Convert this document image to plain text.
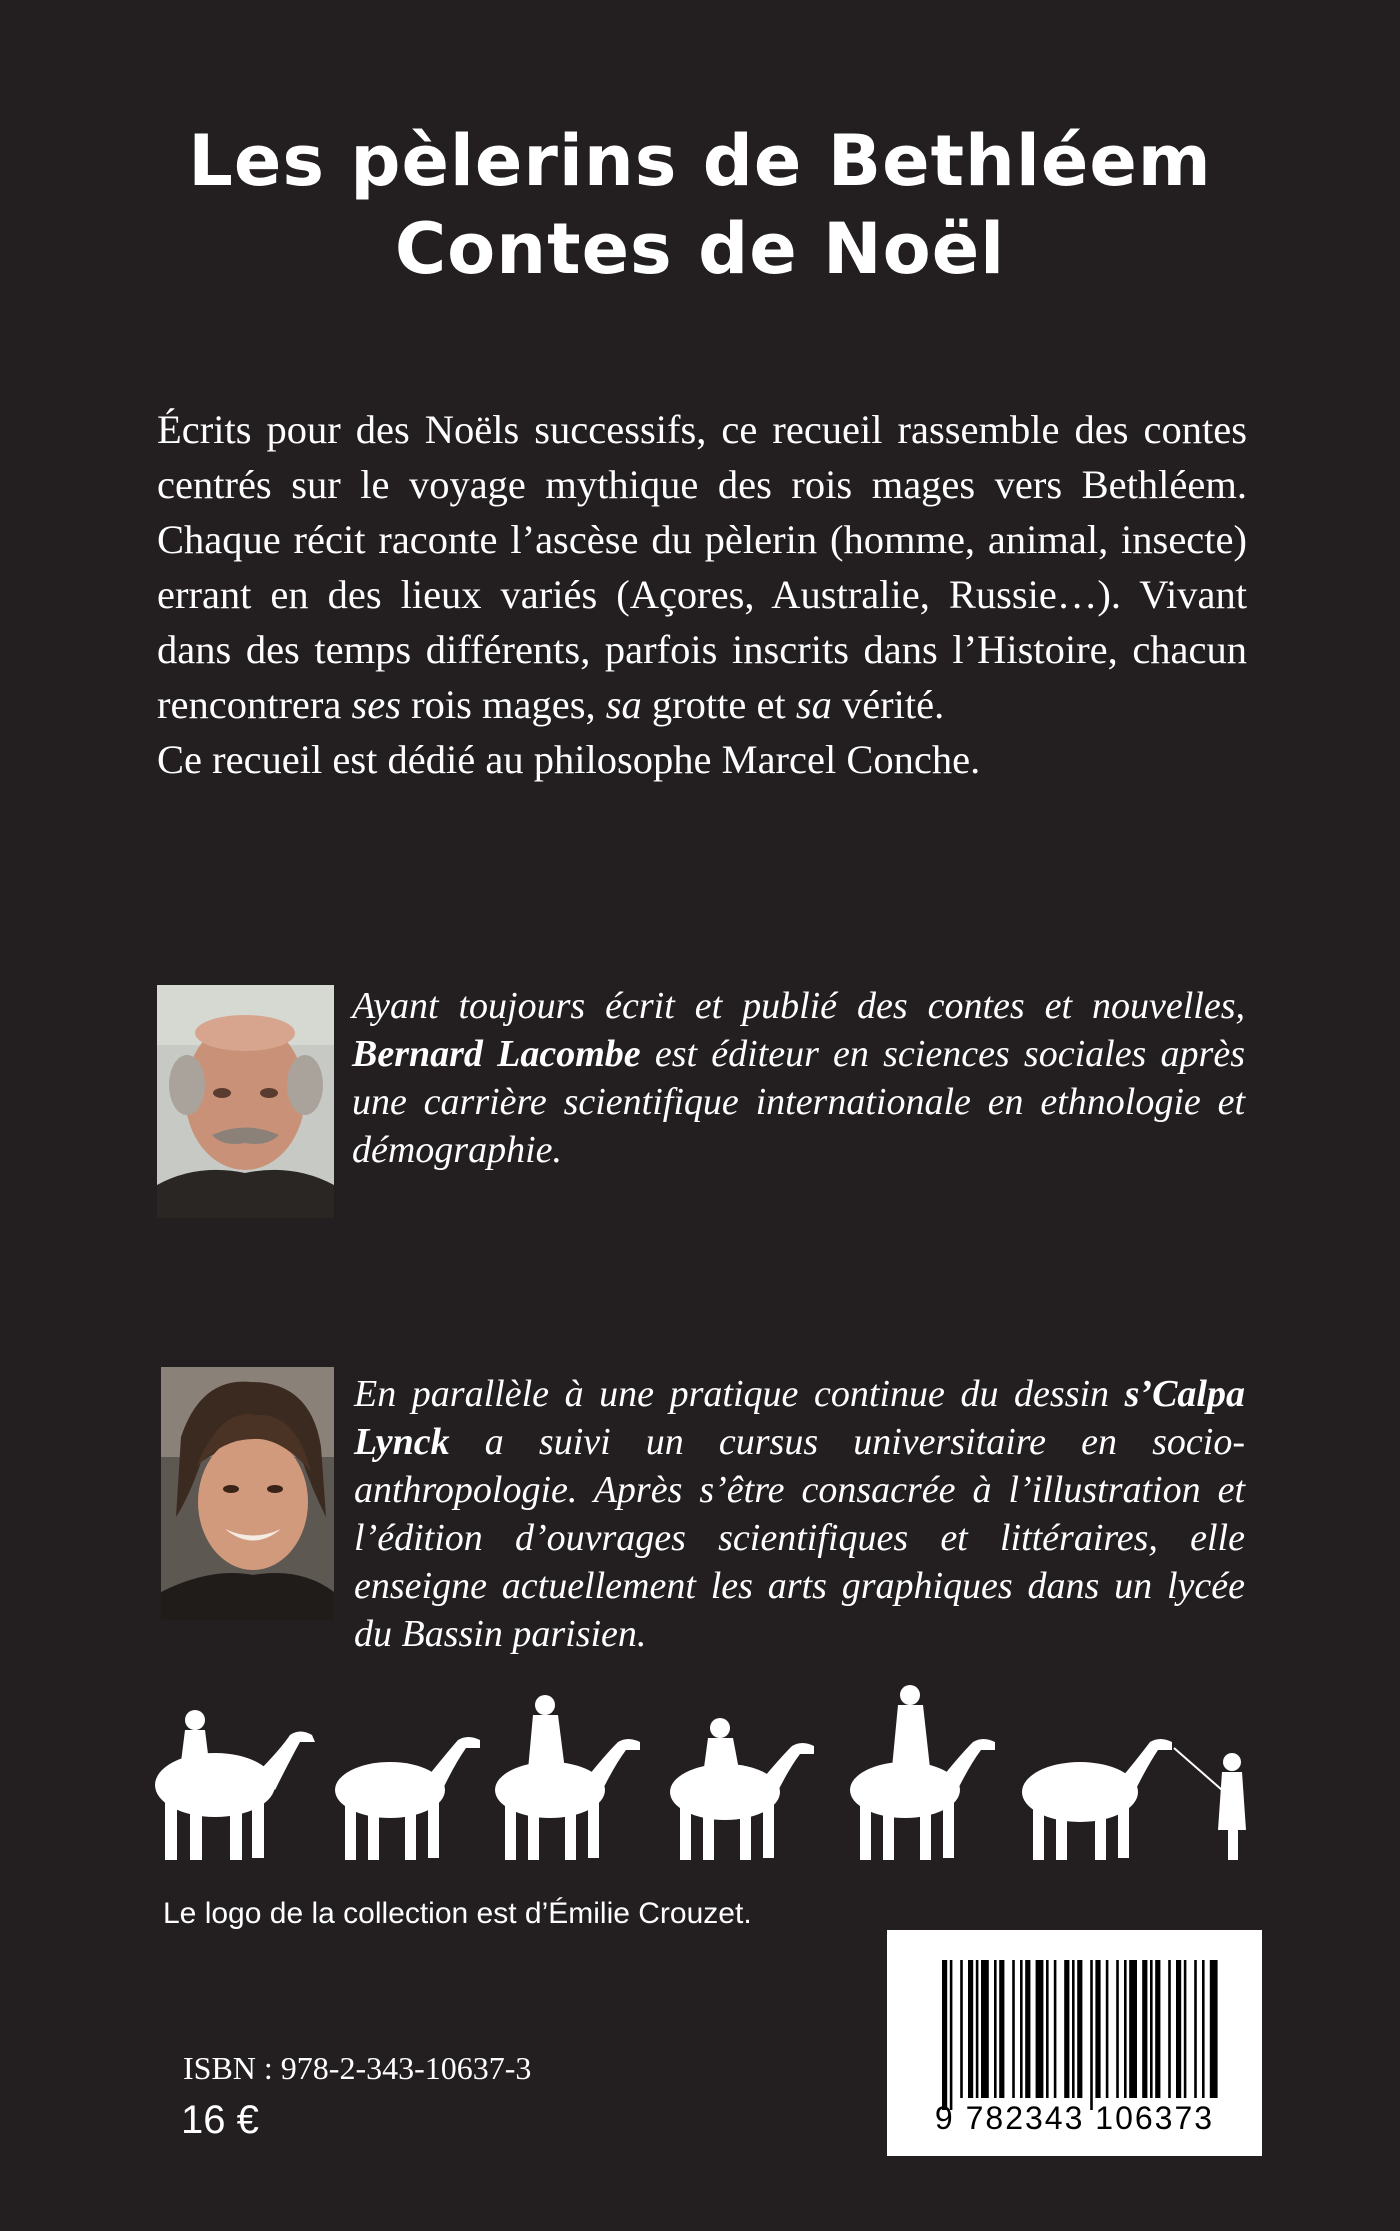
Les pèlerins de Bethléem
Contes de Noël

Écrits pour des Noëls successifs, ce recueil rassemble des contes centrés sur le voyage mythique des rois mages vers Bethléem. Chaque récit raconte l’ascèse du pèlerin (homme, animal, insecte) errant en des lieux variés (Açores, Australie, Russie…). Vivant dans des temps différents, parfois inscrits dans l’Histoire, chacun rencontrera ses rois mages, sa grotte et sa vérité.

Ce recueil est dédié au philosophe Marcel Conche.

Ayant toujours écrit et publié des contes et nouvelles, Bernard Lacombe est éditeur en sciences sociales après une carrière scientifique internationale en ethnologie et démographie.
En parallèle à une pratique continue du dessin s’Calpa Lynck a suivi un cursus universitaire en socio-anthropologie. Après s’être consacrée à l’illustration et l’édition d’ouvrages scientifiques et littéraires, elle enseigne actuellement les arts graphiques dans un lycée du Bassin parisien.
Le logo de la collection est d’Émilie Crouzet.
ISBN : 978-2-343-10637-3
16 €	9 782343 106373
